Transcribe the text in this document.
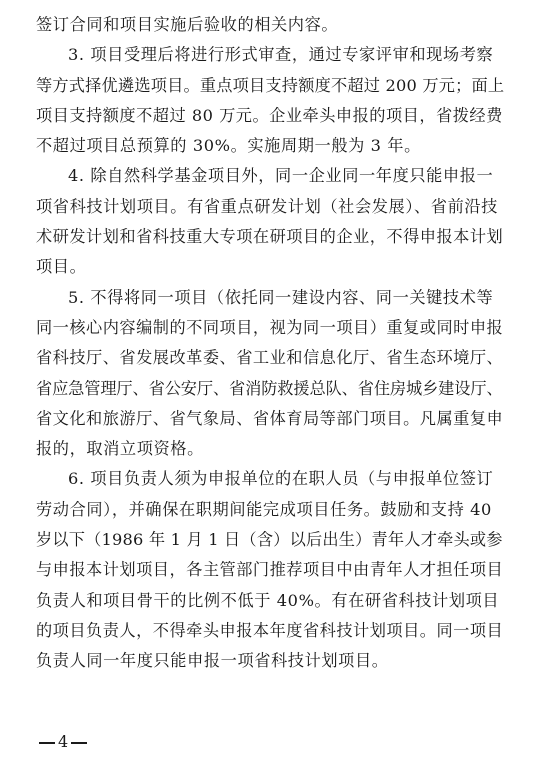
签订合同和项目实施后验收的相关内容。
3. 项目受理后将进行形式审查，通过专家评审和现场考察
等方式择优遴选项目。重点项目支持额度不超过 200 万元；面上
项目支持额度不超过 80 万元。企业牵头申报的项目，省拨经费
不超过项目总预算的 30%。实施周期一般为 3 年。
4. 除自然科学基金项目外，同一企业同一年度只能申报一
项省科技计划项目。有省重点研发计划（社会发展）、省前沿技
术研发计划和省科技重大专项在研项目的企业，不得申报本计划
项目。
5. 不得将同一项目（依托同一建设内容、同一关键技术等
同一核心内容编制的不同项目，视为同一项目）重复或同时申报
省科技厅、省发展改革委、省工业和信息化厅、省生态环境厅、
省应急管理厅、省公安厅、省消防救援总队、省住房城乡建设厅、
省文化和旅游厅、省气象局、省体育局等部门项目。凡属重复申
报的，取消立项资格。
6. 项目负责人须为申报单位的在职人员（与申报单位签订
劳动合同），并确保在职期间能完成项目任务。鼓励和支持 40
岁以下（1986 年 1 月 1 日（含）以后出生）青年人才牵头或参
与申报本计划项目，各主管部门推荐项目中由青年人才担任项目
负责人和项目骨干的比例不低于 40%。有在研省科技计划项目
的项目负责人，不得牵头申报本年度省科技计划项目。同一项目
负责人同一年度只能申报一项省科技计划项目。
4
